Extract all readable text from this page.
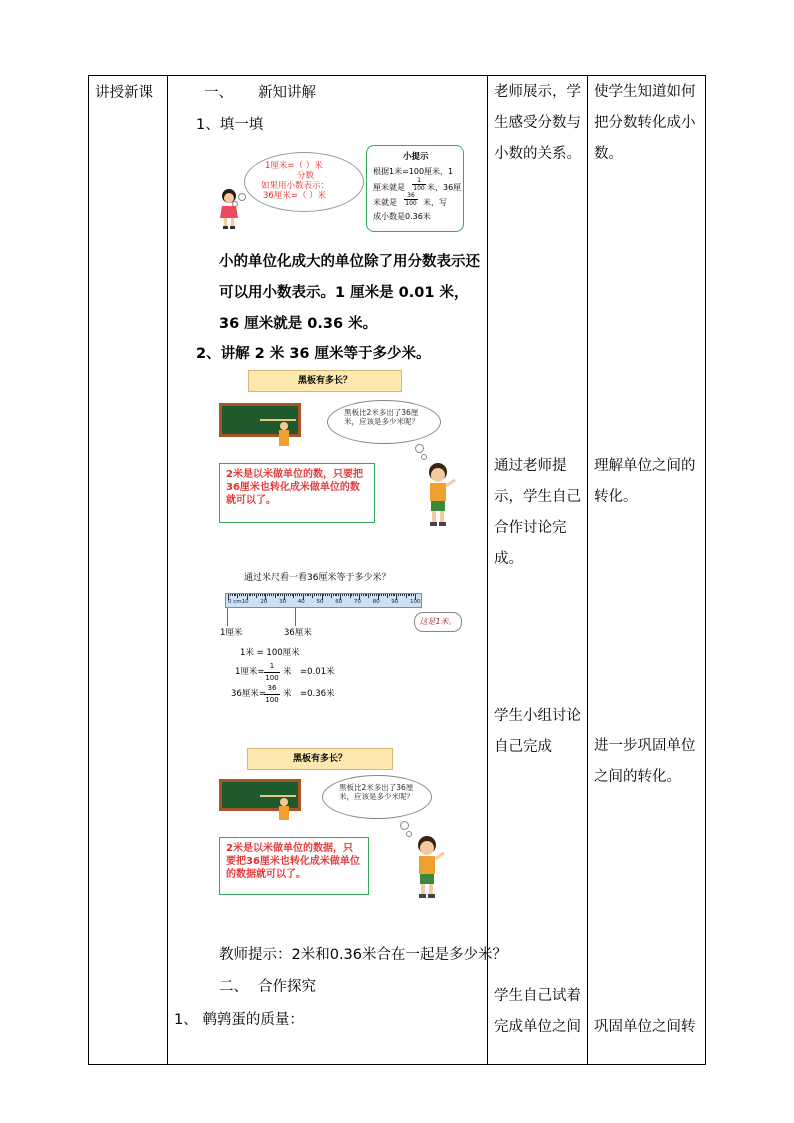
讲授新课	一、 新知讲解
1、填一填
1厘米=（ ）米
分数
如果用小数表示：
36厘米=（ ）米
小提示
根据1米=100厘米，1
厘米就是
1
100 米，36厘
米就是
36
100 米，写
成小数是0.36米
小的单位化成大的单位除了用分数表示还可以用小数表示。1 厘米是 0.01 米，36 厘米就是 0.36 米。
2、讲解 2 米 36 厘米等于多少米。
黑板有多长？
黑板比2米多出了36厘米，应该是多少米呢？
2米是以米做单位的数，只要把36厘米也转化成米做单位的数就可以了。
通过米尺看一看36厘米等于多少米？
0 cm 10 20 30 40 50 60 70 80 90 100
1厘米	36厘米
这是1米。
1米 = 100厘米
1厘米=
1
100
米 =0.01米
36厘米=
36
100
米 =0.36米
黑板有多长？
黑板比2米多出了36厘米，应该是多少米呢？
2米是以米做单位的数据，只要把36厘米也转化成米做单位的数据就可以了。
教师提示：2米和0.36米合在一起是多少米？
二、 合作探究
1、 鹌鹑蛋的质量：
老师展示，学生感受分数与小数的关系。
通过老师提示，学生自己合作讨论完成。
学生小组讨论自己完成
学生自己试着完成单位之间
使学生知道如何把分数转化成小数。
理解单位之间的转化。
进一步巩固单位之间的转化。
巩固单位之间转
